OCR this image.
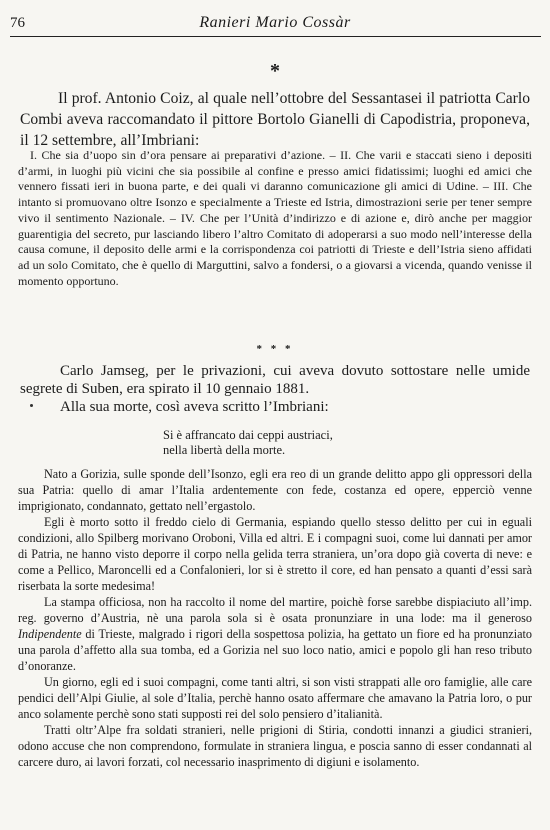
76	Ranieri Mario Cossàr
*

Il prof. Antonio Coiz, al quale nell’ottobre del Sessantasei il patriotta Carlo Combi aveva raccomandato il pittore Bortolo Gianelli di Capodistria, proponeva, il 12 settembre, all’Imbriani:

I. Che sia d’uopo sin d’ora pensare ai preparativi d’azione. – II. Che varii e staccati sieno i depositi d’armi, in luoghi più vicini che sia possibile al confine e presso amici fidatissimi; luoghi ed amici che vennero fissati ieri in buona parte, e dei quali vi daranno comunicazione gli amici di Udine. – III. Che intanto si promuovano oltre Isonzo e specialmente a Trieste ed Istria, dimostrazioni serie per tener sempre vivo il sentimento Nazionale. – IV. Che per l’Unità d’indirizzo e di azione e, dirò anche per maggior guarentigia del secreto, pur lasciando libero l’altro Comitato di adoperarsi a suo modo nell’interesse della causa comune, il deposito delle armi e la corrispondenza coi patriotti di Trieste e dell’Istria sieno affidati ad un solo Comitato, che è quello di Marguttini, salvo a fondersi, o a giovarsi a vicenda, quando venisse il momento opportuno.

* * *

Carlo Jamseg, per le privazioni, cui aveva dovuto sottostare nelle umide segrete di Suben, era spirato il 10 gennaio 1881.

Alla sua morte, così aveva scritto l’Imbriani:

Si è affrancato dai ceppi austriaci,
nella libertà della morte.

Nato a Gorizia, sulle sponde dell’Isonzo, egli era reo di un grande delitto appo gli oppressori della sua Patria: quello di amar l’Italia ardentemente con fede, costanza ed opere, epperciò venne imprigionato, condannato, gettato nell’ergastolo.

Egli è morto sotto il freddo cielo di Germania, espiando quello stesso delitto per cui in eguali condizioni, allo Spilberg morivano Oroboni, Villa ed altri. E i compagni suoi, come lui dannati per amor di Patria, ne hanno visto deporre il corpo nella gelida terra straniera, un’ora dopo già coverta di neve: e come a Pellico, Maroncelli ed a Confalonieri, lor si è stretto il core, ed han pensato a quanti d’essi sarà riserbata la sorte medesima!

La stampa officiosa, non ha raccolto il nome del martire, poichè forse sarebbe dispiaciuto all’imp. reg. governo d’Austria, nè una parola sola si è osata pronunziare in una lode: ma il generoso Indipendente di Trieste, malgrado i rigori della sospettosa polizia, ha gettato un fiore ed ha pronunziato una parola d’affetto alla sua tomba, ed a Gorizia nel suo loco natio, amici e popolo gli han reso tributo d’onoranze.

Un giorno, egli ed i suoi compagni, come tanti altri, si son visti strappati alle oro famiglie, alle care pendici dell’Alpi Giulie, al sole d’Italia, perchè hanno osato affermare che amavano la Patria loro, o pur anco solamente perchè sono stati supposti rei del solo pensiero d’italianità.

Tratti oltr’Alpe fra soldati stranieri, nelle prigioni di Stiria, condotti innanzi a giudici stranieri, odono accuse che non comprendono, formulate in straniera lingua, e poscia sanno di esser condannati al carcere duro, ai lavori forzati, col necessario inasprimento di digiuni e isolamento.
